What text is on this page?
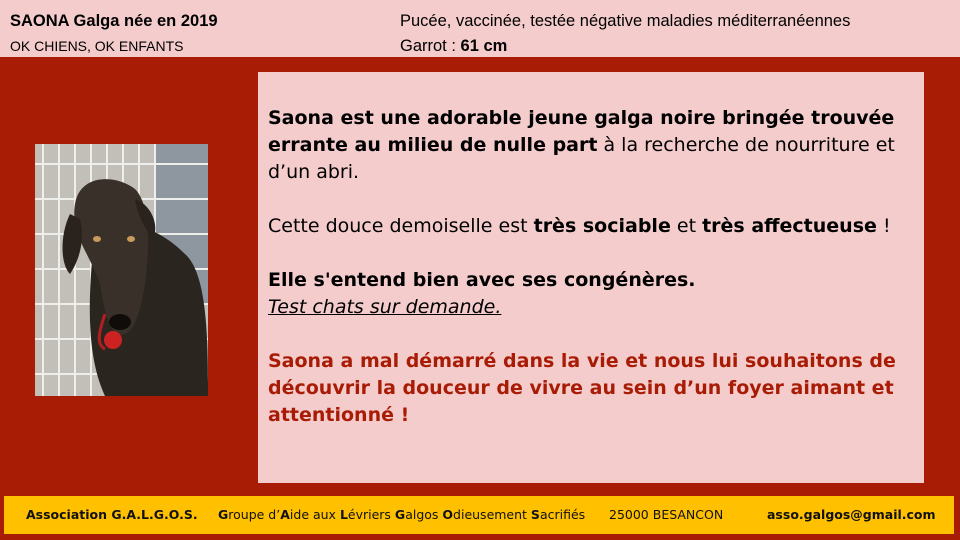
SAONA Galga née en 2019
OK CHIENS, OK ENFANTS
Pucée, vaccinée, testée négative maladies méditerranéennes
Garrot : 61 cm

Saona est une adorable jeune galga noire bringée trouvée errante au milieu de nulle part à la recherche de nourriture et d’un abri.

Cette douce demoiselle est très sociable et très affectueuse !

Elle s'entend bien avec ses congénères.

Test chats sur demande.

Saona a mal démarré dans la vie et nous lui souhaitons de découvrir la douceur de vivre au sein d’un foyer aimant et attentionné !

Association G.A.L.G.O.S. Groupe d’Aide aux Lévriers Galgos Odieusement Sacrifiés 25000 BESANCON	asso.galgos@gmail.com
